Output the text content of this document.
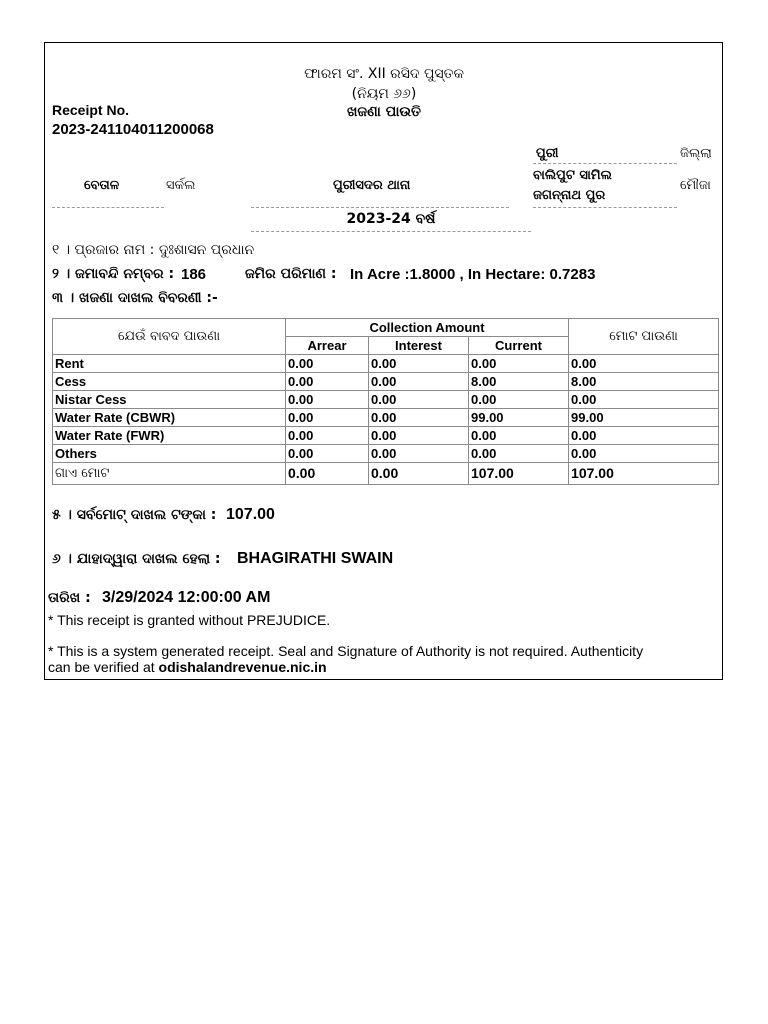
ଫାରମ ସଂ. XII ରସିଦ ପୁସ୍ତକ
(ନିୟମ ୬୬)
ଖଜଣା ପାଉତି
Receipt No.
2023-241104011200068
ପୁରୀ	ଜିଲ୍ଲା
ବାଲିପୁଟ ସାମିଲ
ଜଗନ୍ନାଥ ପୁର
ମୌଜା
ବେତାଳ	ସର୍କଲ	ପୁରୀସଦର ଥାନା
2023-24 ବର୍ଷ
୧ । ପ୍ରଜାର ନାମ : ଦୁଃଶାସନ ପ୍ରଧାନ
୨ । ଜମାବନ୍ଦି ନମ୍ବର : 186	ଜମିର ପରିମାଣ : In Acre :1.8000 , In Hectare: 0.7283
୩ । ଖଜଣା ଦାଖଲ ବିବରଣୀ :-
ଯେଉଁ ବାବଦ ପାଉଣା	Collection Amount			ମୋଟ ପାଉଣା
	Arrear	Interest	Current	
Rent	0.00	0.00	0.00	0.00
Cess	0.00	0.00	8.00	8.00
Nistar Cess	0.00	0.00	0.00	0.00
Water Rate (CBWR)	0.00	0.00	99.00	99.00
Water Rate (FWR)	0.00	0.00	0.00	0.00
Others	0.00	0.00	0.00	0.00
ଗାଏ ମୋଟ	0.00	0.00	107.00	107.00
୫ । ସର୍ବମୋଟ୍ ଦାଖଲ ଟଙ୍କା : 107.00
୬ । ଯାହାଦ୍ୱାରା ଦାଖଲ ହେଲା : BHAGIRATHI SWAIN
ତାରିଖ : 3/29/2024 12:00:00 AM
* This receipt is granted without PREJUDICE.
* This is a system generated receipt. Seal and Signature of Authority is not required. Authenticity
can be verified at odishalandrevenue.nic.in
